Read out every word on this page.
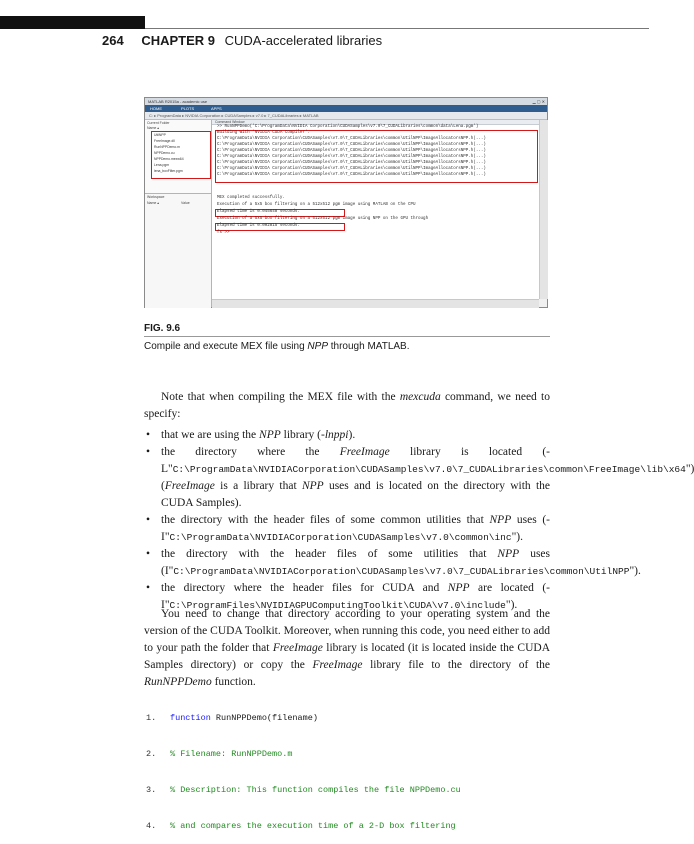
264 CHAPTER 9 CUDA-accelerated libraries
MATLAB R2015a - academic use	▁ ▢ ✕
HOME	PLOTS	APPS
C: ▸ ProgramData ▸ NVIDIA Corporation ▸ CUDASamples ▸ v7.0 ▸ 7_CUDALibraries ▸ MATLAB
Current Folder
Name ▴
UtilNPP
FreeImage.dll
RunNPPDemo.m
NPPDemo.cu
NPPDemo.mexw64
Lena.pgm
lena_boxFilter.pgm
Workspace
Name ▴	Value
Command Window
>> RunNPPDemo('C:\ProgramData\NVIDIA Corporation\CUDASamples\v7.0\7_CUDALibraries\common\data\Lena.pgm')
Building with 'NVIDIA CUDA Compiler'.
C:\ProgramData\NVIDIA Corporation\CUDASamples\v7.0\7_CUDALibraries\common\UtilNPP\ImageAllocatorsNPP.h(...)
C:\ProgramData\NVIDIA Corporation\CUDASamples\v7.0\7_CUDALibraries\common\UtilNPP\ImageAllocatorsNPP.h(...)
C:\ProgramData\NVIDIA Corporation\CUDASamples\v7.0\7_CUDALibraries\common\UtilNPP\ImageAllocatorsNPP.h(...)
C:\ProgramData\NVIDIA Corporation\CUDASamples\v7.0\7_CUDALibraries\common\UtilNPP\ImageAllocatorsNPP.h(...)
C:\ProgramData\NVIDIA Corporation\CUDASamples\v7.0\7_CUDALibraries\common\UtilNPP\ImageAllocatorsNPP.h(...)
C:\ProgramData\NVIDIA Corporation\CUDASamples\v7.0\7_CUDALibraries\common\UtilNPP\ImageAllocatorsNPP.h(...)
C:\ProgramData\NVIDIA Corporation\CUDASamples\v7.0\7_CUDALibraries\common\UtilNPP\ImageAllocatorsNPP.h(...)
MEX completed successfully.
Execution of a 5x5 box filtering on a 512x512 pgm image using MATLAB on the CPU
Elapsed time is 0.045648 seconds.
Execution of a 5x5 box filtering on a 512x512 pgm image using NPP on the GPU through
Elapsed time is 0.002815 seconds.
fx >>
FIG. 9.6
Compile and execute MEX file using NPP through MATLAB.
Note that when compiling the MEX file with the mexcuda command, we need to specify:
• that we are using the NPP library (-lnppi).
• the directory where the FreeImage library is located (-L"C:\ProgramData\NVIDIACorporation\CUDASamples\v7.0\7_CUDALibraries\common\FreeImage\lib\x64") (FreeImage is a library that NPP uses and is located on the directory with the CUDA Samples).
• the directory with the header files of some common utilities that NPP uses (-I"C:\ProgramData\NVIDIACorporation\CUDASamples\v7.0\common\inc").
• the directory with the header files of some utilities that NPP uses (I"C:\ProgramData\NVIDIACorporation\CUDASamples\v7.0\7_CUDALibraries\common\UtilNPP").
• the directory where the header files for CUDA and NPP are located (-I"C:\ProgramFiles\NVIDIAGPUComputingToolkit\CUDA\v7.0\include").
You need to change that directory according to your operating system and the version of the CUDA Toolkit. Moreover, when running this code, you need either to add to your path the folder that FreeImage library is located (it is located inside the CUDA Samples directory) or copy the FreeImage library file to the directory of the RunNPPDemo function.

1. function RunNPPDemo(filename)

2. % Filename: RunNPPDemo.m

3. % Description: This function compiles the file NPPDemo.cu

4. % and compares the execution time of a 2-D box filtering
